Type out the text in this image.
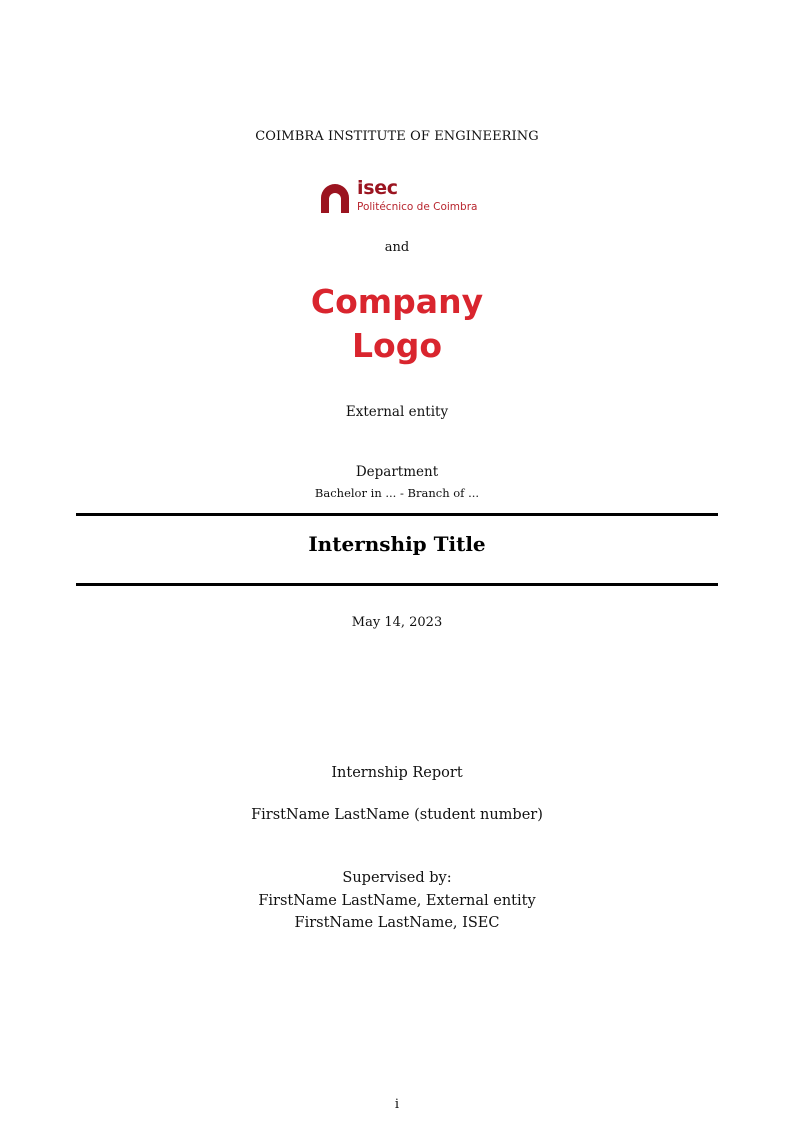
COIMBRA INSTITUTE OF ENGINEERING
isec
Politécnico de Coimbra
and
Company
Logo
External entity
Department
Bachelor in ... - Branch of ...
Internship Title
May 14, 2023
Internship Report
FirstName LastName (student number)
Supervised by:
FirstName LastName, External entity
FirstName LastName, ISEC
i
